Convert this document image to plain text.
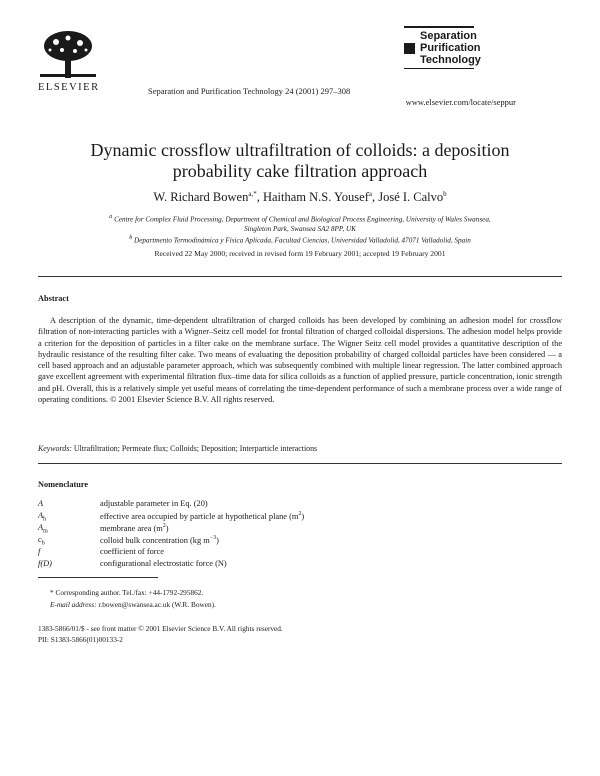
ELSEVIER	Separation and Purification Technology 24 (2001) 297–308
Separation
Purification
Technology
www.elsevier.com/locate/seppur
Dynamic crossflow ultrafiltration of colloids: a deposition
probability cake filtration approach
W. Richard Bowen$^{a,*}$, Haitham N.S. Yousef$^a$, José I. Calvo$^b$
$^a$ Centre for Complex Fluid Processing, Department of Chemical and Biological Process Engineering, University of Wales Swansea,
Singleton Park, Swansea SA2 8PP, UK
$^b$ Departmento Termodinámica y Física Aplicada, Facultad Ciencias, Universidad Valladolid, 47071 Valladolid, Spain
Received 22 May 2000; received in revised form 19 February 2001; accepted 19 February 2001
Abstract
A description of the dynamic, time-dependent ultrafiltration of charged colloids has been developed by combining an adhesion model for crossflow filtration of non-interacting particles with a Wigner–Seitz cell model for frontal filtration of charged colloidal dispersions. The adhesion model helps provide a criterion for the deposition of particles in a filter cake on the membrane surface. The Wigner Seitz cell model provides a quantitative description of the hydraulic resistance of the resulting filter cake. Two means of evaluating the deposition probability of charged colloidal particles have been considered — a cell based approach and an adjustable parameter approach, which was subsequently combined with multiple linear regression. The latter combined approach gave excellent agreement with experimental filtration flux–time data for silica colloids as a function of applied pressure, particle concentration, ionic strength and pH. Overall, this is a relatively simple yet useful means of correlating the time-dependent performance of such a membrane process over a wide range of operating conditions. © 2001 Elsevier Science B.V. All rights reserved.
Keywords: Ultrafiltration; Permeate flux; Colloids; Deposition; Interparticle interactions
Nomenclature
A	adjustable parameter in Eq. (20)
$A_h$	effective area occupied by particle at hypothetical plane $(m^2)$
$A_m$	membrane area $(m^2)$
$c_b$	colloid bulk concentration (kg $m^{-3}$)
f	coefficient of force
f(D)	configurational electrostatic force (N)
* Corresponding author. Tel./fax: +44-1792-295862.
E-mail address: r.bowen@swansea.ac.uk (W.R. Bowen).
1383-5866/01/$ - see front matter © 2001 Elsevier Science B.V. All rights reserved.
PII: S1383-5866(01)00133-2
